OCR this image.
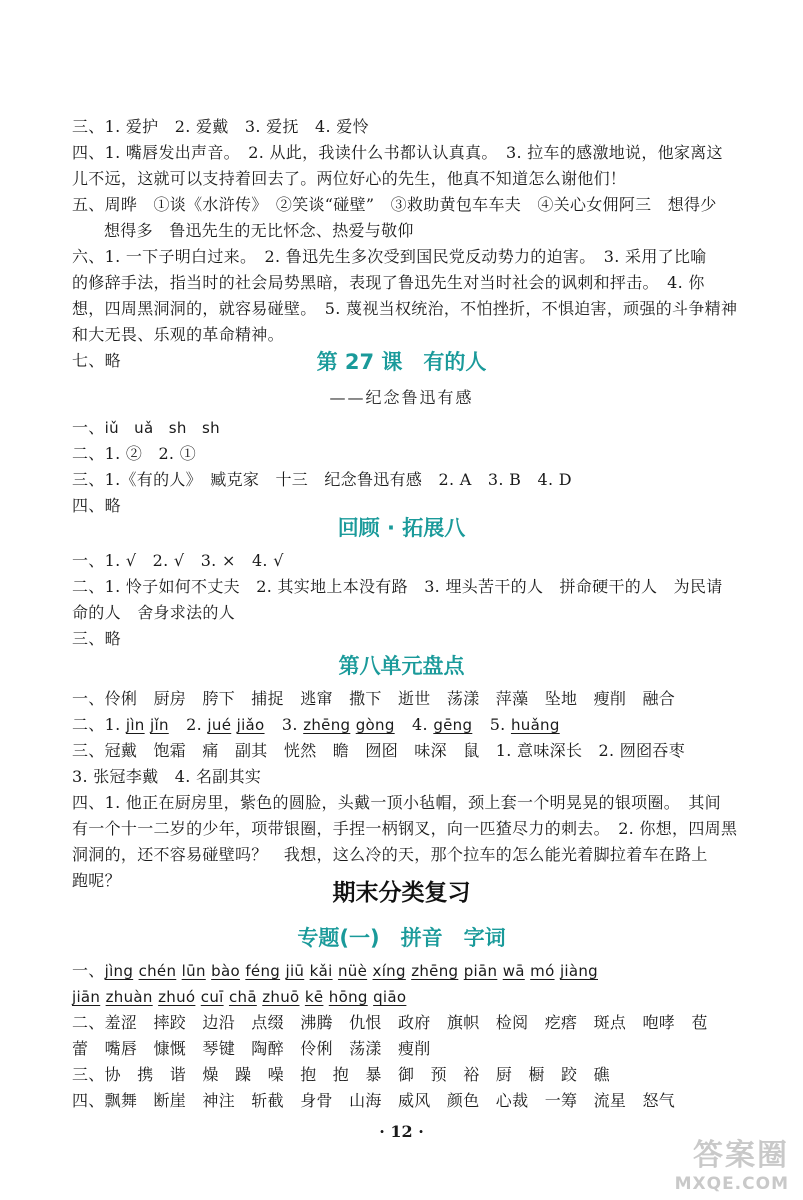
三、1. 爱护　2. 爱戴　3. 爱抚　4. 爱怜

四、1. 嘴唇发出声音。　2. 从此，我读什么书都认认真真。　3. 拉车的感激地说，他家离这

儿不远，这就可以支持着回去了。两位好心的先生，他真不知道怎么谢他们！

五、周晔　①谈《水浒传》　②笑谈“碰壁”　③救助黄包车车夫　④关心女佣阿三　想得少

想得多　鲁迅先生的无比怀念、热爱与敬仰

六、1. 一下子明白过来。　2. 鲁迅先生多次受到国民党反动势力的迫害。　3. 采用了比喻

的修辞手法，指当时的社会局势黑暗，表现了鲁迅先生对当时社会的讽刺和抨击。　4. 你

想，四周黑洞洞的，就容易碰壁。　5. 蔑视当权统治，不怕挫折，不惧迫害，顽强的斗争精神

和大无畏、乐观的革命精神。

七、略	第 27 课　有的人
——纪念鲁迅有感

一、iǔ　uǎ　sh　sh

二、1. ②　2. ①

三、1.《有的人》　臧克家　十三　纪念鲁迅有感　2. A　3. B　4. D

四、略

回顾 · 拓展八

一、1. √　2. √　3. ×　4. √

二、1. 怜子如何不丈夫　2. 其实地上本没有路　3. 埋头苦干的人　拼命硬干的人　为民请

命的人　舍身求法的人

三、略

第八单元盘点

一、伶俐　厨房　胯下　捕捉　逃窜　撒下　逝世　荡漾　萍藻　坠地　瘦削　融合

二、1. jìn jǐn 2. jué jiǎo 3. zhēng gòng 4. gēng 5. huǎng

三、冠戴　饱霜　痛　副其　恍然　瞻　囫囵　味深　鼠　1. 意味深长　2. 囫囵吞枣

3. 张冠李戴　4. 名副其实

四、1. 他正在厨房里，紫色的圆脸，头戴一顶小毡帽，颈上套一个明晃晃的银项圈。　其间

有一个十一二岁的少年，项带银圈，手捏一柄钢叉，向一匹猹尽力的刺去。　2. 你想，四周黑

洞洞的，还不容易碰壁吗？　我想，这么冷的天，那个拉车的怎么能光着脚拉着车在路上

跑呢？	期末分类复习
专题(一)　拼音　字词

一、jìng chén lūn bào féng jiū kǎi nüè xíng zhēng piān wā mó jiàng

jiān zhuàn zhuó cuī chā zhuō kē hōng qiāo

二、羞涩　摔跤　边沿　点缀　沸腾　仇恨　政府　旗帜　检阅　疙瘩　斑点　咆哮　苞

蕾　嘴唇　慷慨　琴键　陶醉　伶俐　荡漾　瘦削

三、协　携　谐　燥　躁　噪　抱　抱　暴　御　预　裕　厨　橱　跤　礁

四、飘舞　断崖　神注　斩截　身骨　山海　威风　颜色　心裁　一筹　流星　怒气

· 12 ·
答案圈
MXQE.COM
